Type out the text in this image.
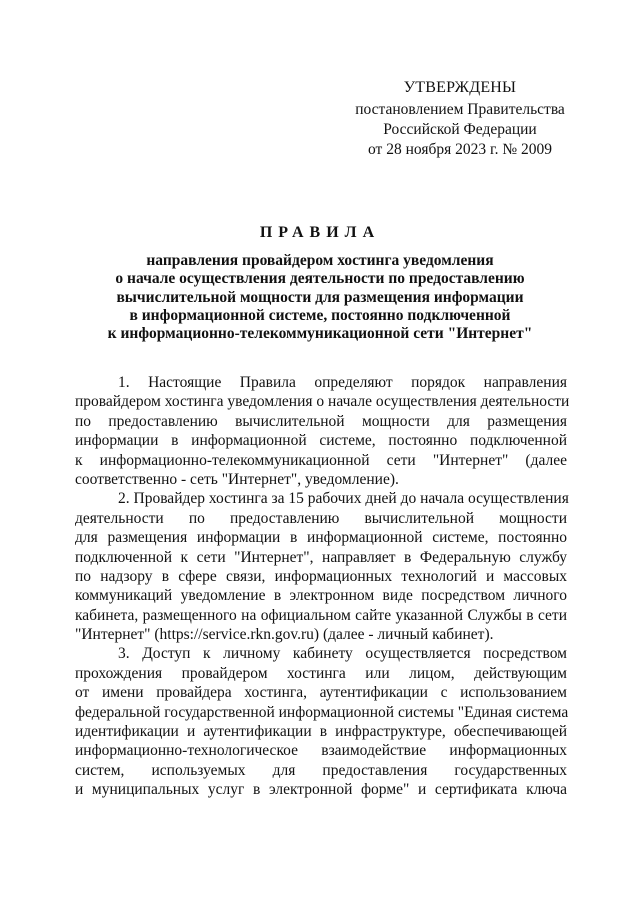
УТВЕРЖДЕНЫ
постановлением Правительства
Российской Федерации
от 28 ноября 2023 г. № 2009
ПРАВИЛА
направления провайдером хостинга уведомления
о начале осуществления деятельности по предоставлению
вычислительной мощности для размещения информации
в информационной системе, постоянно подключенной
к информационно-телекоммуникационной сети "Интернет"
1. Настоящие Правила определяют порядок направления
провайдером хостинга уведомления о начале осуществления деятельности
по предоставлению вычислительной мощности для размещения
информации в информационной системе, постоянно подключенной
к информационно-телекоммуникационной сети "Интернет" (далее
соответственно - сеть "Интернет", уведомление).
2. Провайдер хостинга за 15 рабочих дней до начала осуществления
деятельности по предоставлению вычислительной мощности
для размещения информации в информационной системе, постоянно
подключенной к сети "Интернет", направляет в Федеральную службу
по надзору в сфере связи, информационных технологий и массовых
коммуникаций уведомление в электронном виде посредством личного
кабинета, размещенного на официальном сайте указанной Службы в сети
"Интернет" (https://service.rkn.gov.ru) (далее - личный кабинет).
3. Доступ к личному кабинету осуществляется посредством
прохождения провайдером хостинга или лицом, действующим
от имени провайдера хостинга, аутентификации с использованием
федеральной государственной информационной системы "Единая система
идентификации и аутентификации в инфраструктуре, обеспечивающей
информационно-технологическое взаимодействие информационных
систем, используемых для предоставления государственных
и муниципальных услуг в электронной форме" и сертификата ключа
